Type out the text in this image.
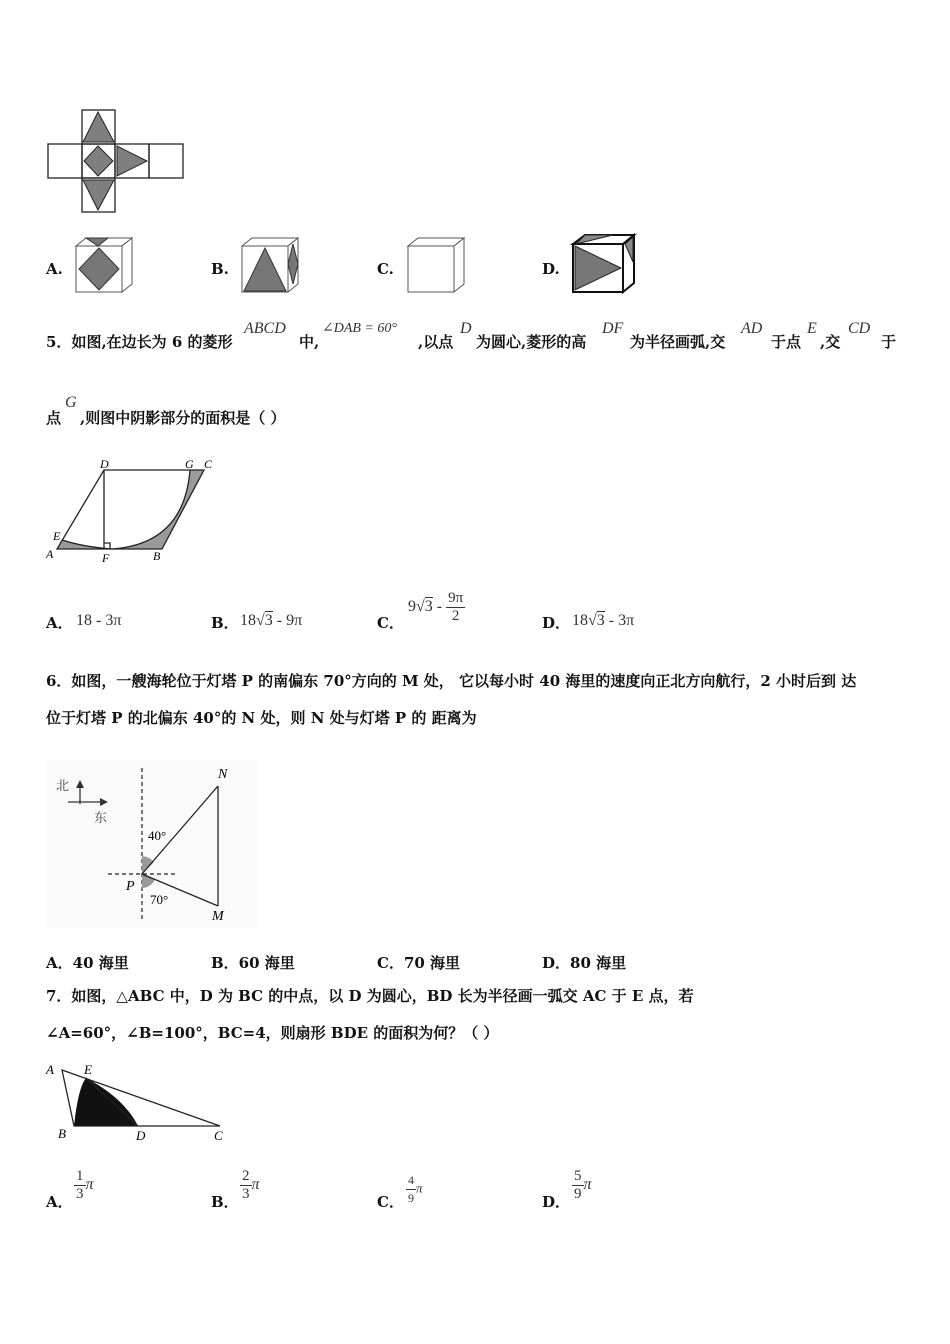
A.	B.	C.	D.
5．如图,在边长为 6 的菱形
ABCD
中,
∠DAB = 60°
,以点
D
为圆心,菱形的高
DF
为半径画弧,交
AD
于点
E
,交
CD
于
点
G
,则图中阴影部分的面积是（ ）
D	G C
E
A	F	B
A． 18 - 3π	B． 18√3 - 9π	C．
$9√3 - \frac{9\pi}{2}$	D． 18√3 - 3π
6．如图，一艘海轮位于灯塔 P 的南偏东 70°方向的 M 处， 它以每小时 40 海里的速度向正北方向航行，2 小时后到 达
位于灯塔 P 的北偏东 40°的 N 处，则 N 处与灯塔 P 的 距离为
北
东
N
P
M
40°
70°
A．40 海里	B．60 海里	C．70 海里	D．80 海里
7．如图，△ABC 中，D 为 BC 的中点，以 D 为圆心，BD 长为半径画一弧交 AC 于 E 点，若
∠A=60°，∠B=100°，BC=4，则扇形 BDE 的面积为何？（ ）
A E
B	D	C
A． $\frac{1}{3}$ π
B． $\frac{2}{3}$ π
C． $\frac{4}{9}$ π
D． $\frac{5}{9}$ π
